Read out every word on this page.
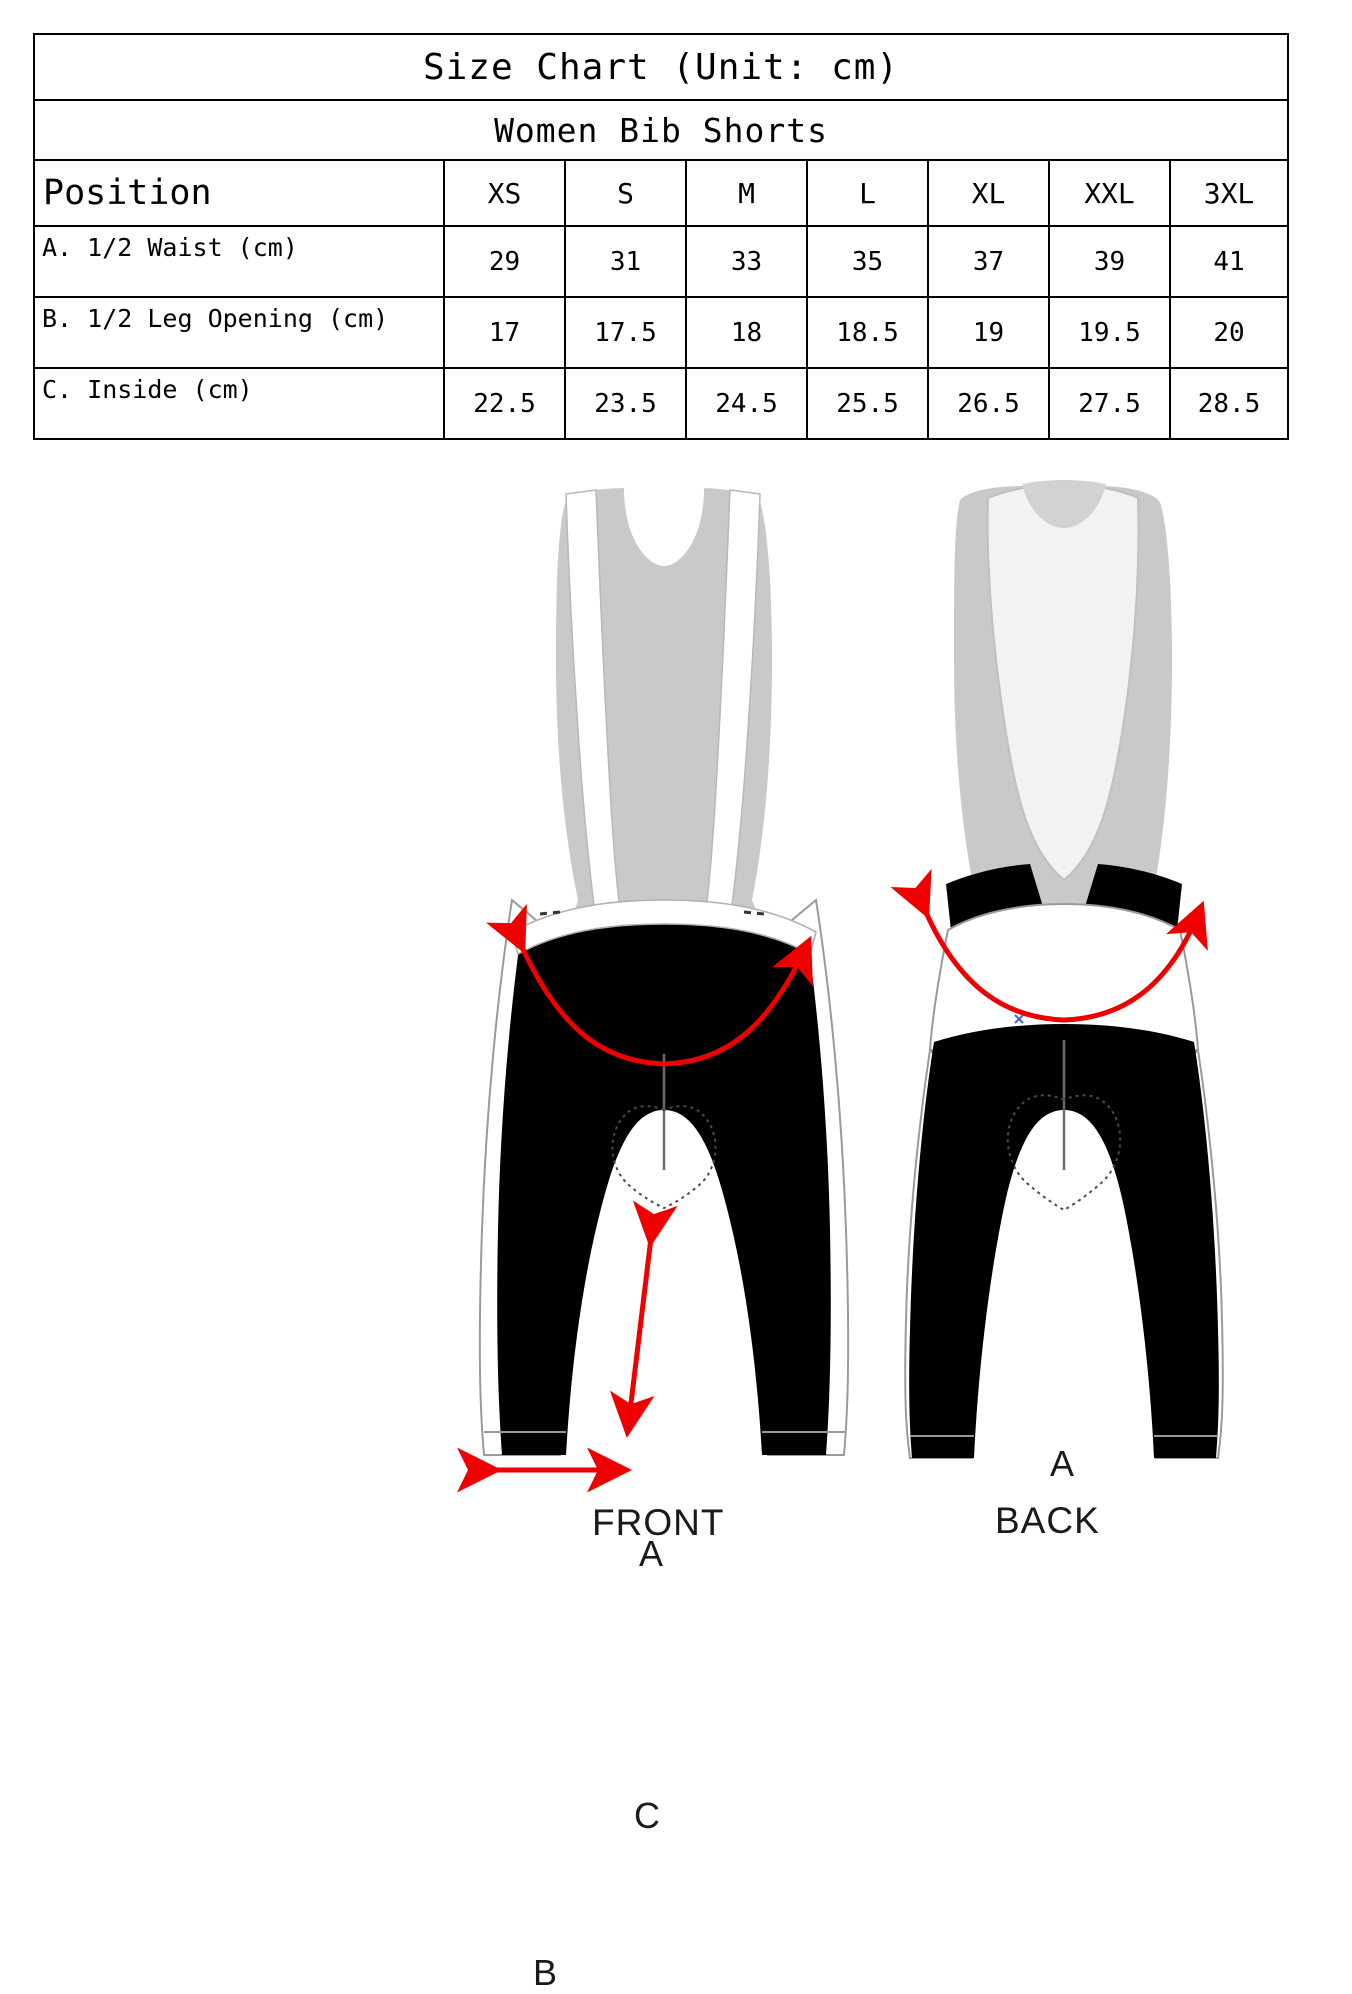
Size Chart (Unit: cm)							
Women Bib Shorts							
Position	XS	S	M	L	XL	XXL	3XL
A. 1/2 Waist (cm)	29	31	33	35	37	39	41
B. 1/2 Leg Opening (cm)	17	17.5	18	18.5	19	19.5	20
C. Inside (cm)	22.5	23.5	24.5	25.5	26.5	27.5	28.5
A
C
B
A
FRONT	BACK
